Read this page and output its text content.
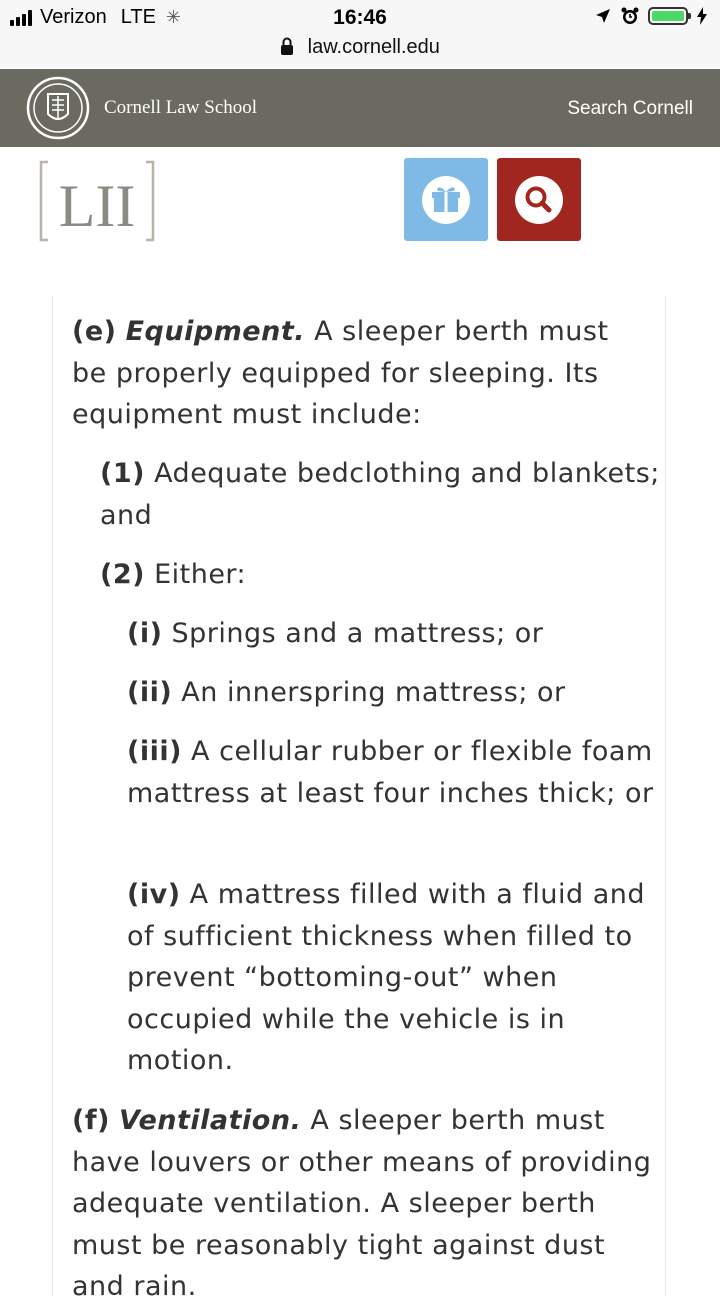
Verizon LTE ✳	16:46
law.cornell.edu
Cornell Law School	Search Cornell
LII
(e) Equipment. A sleeper berth must be properly equipped for sleeping. Its equipment must include:
(1) Adequate bedclothing and blankets; and
(2) Either:
(i) Springs and a mattress; or
(ii) An innerspring mattress; or
(iii) A cellular rubber or flexible foam mattress at least four inches thick; or
(iv) A mattress filled with a fluid and of sufficient thickness when filled to prevent “bottoming-out” when occupied while the vehicle is in motion.
(f) Ventilation. A sleeper berth must have louvers or other means of providing adequate ventilation. A sleeper berth must be reasonably tight against dust and rain.
